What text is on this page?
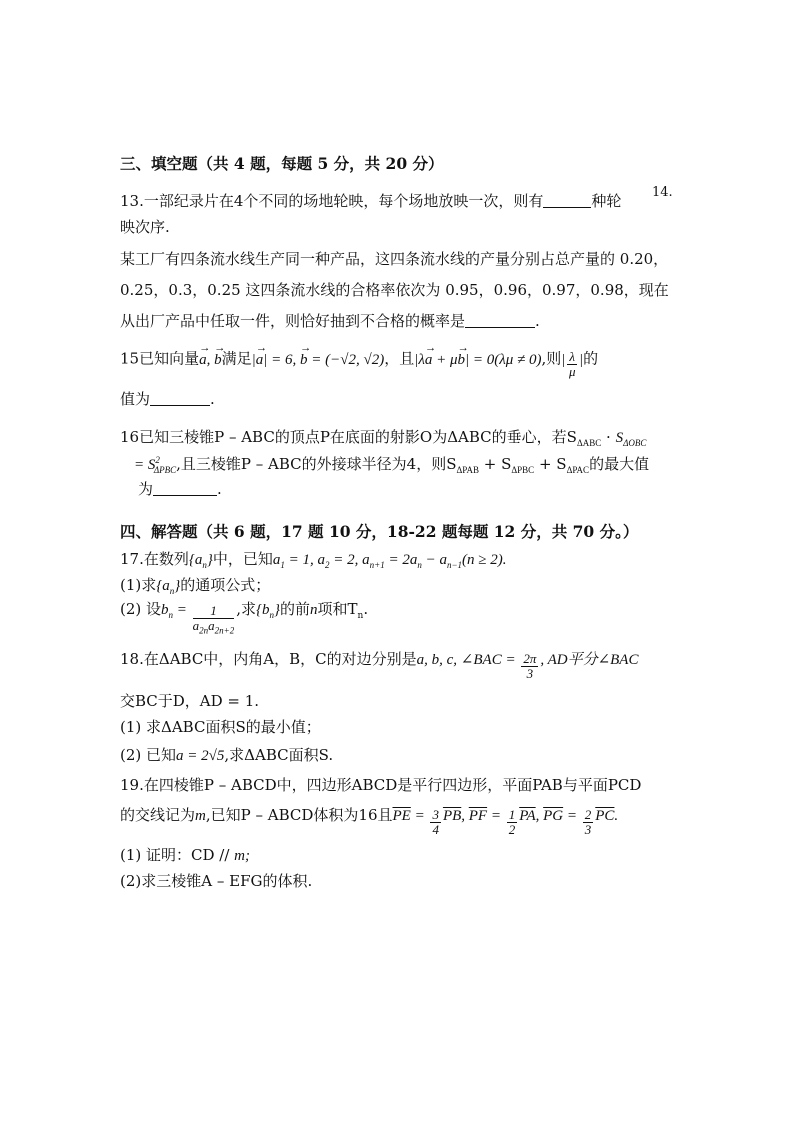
三、填空题（共 4 题，每题 5 分，共 20 分）
13.一部纪录片在4个不同的场地轮映，每个场地放映一次，则有	种轮 14.
映次序.
某工厂有四条流水线生产同一种产品，这四条流水线的产量分别占总产量的 0.20，
0.25，0.3，0.25 这四条流水线的合格率依次为 0.95，0.96，0.97，0.98，现在
从出厂产品中任取一件，则恰好抽到不合格的概率是	.
15已知向量→ a, → b满足|→ a| = 6, → b = (−√2, √2)，且|λ→ a + μ→ b| = 0(λμ ≠ 0),则| $\frac{\lambda}{\mu}$ |的
值为	.
16已知三棱锥P – ABC的顶点P在底面的射影O为ΔABC的垂心，若$S_{\Delta ABC} \cdot S_{\Delta OBC}$
= $S^2_{\Delta PBC}$,且三棱锥P – ABC的外接球半径为4，则$S_{\Delta PAB} + S_{\Delta PBC} + S_{\Delta PAC}$的最大值
为	.
四、解答题（共 6 题，17 题 10 分，18-22 题每题 12 分，共 70 分。）
17.在数列$\{a_n\}$中，已知$a_1 = 1$, $a_2 = 2$, $a_{n+1} = 2a_n - a_{n-1}(n \ge 2)$.
(1)求$\{a_n\}$的通项公式；
(2) 设$b_n = \frac{1}{a_{2n}a_{2n+2}}$ ,求$\{b_n\}$的前n项和$T_n$.
18.在ΔABC中，内角A，B，C的对边分别是a, b, c, ∠BAC = $\frac{2\pi}{3}$ , AD平分∠BAC
交BC于D，AD = 1.
(1) 求ΔABC面积S的最小值；
(2) 已知a = 2√5,求ΔABC面积S.
19.在四棱锥P – ABCD中，四边形ABCD是平行四边形，平面PAB与平面PCD
的交线记为m,已知P – ABCD体积为16且$\overline{PE} = \frac{3}{4} \overline{PB}$, $\overline{PF} = \frac{1}{2} \overline{PA}$, $\overline{PG} = \frac{2}{3} \overline{PC}$.
(1) 证明：CD // m;
(2)求三棱锥A – EFG的体积.
